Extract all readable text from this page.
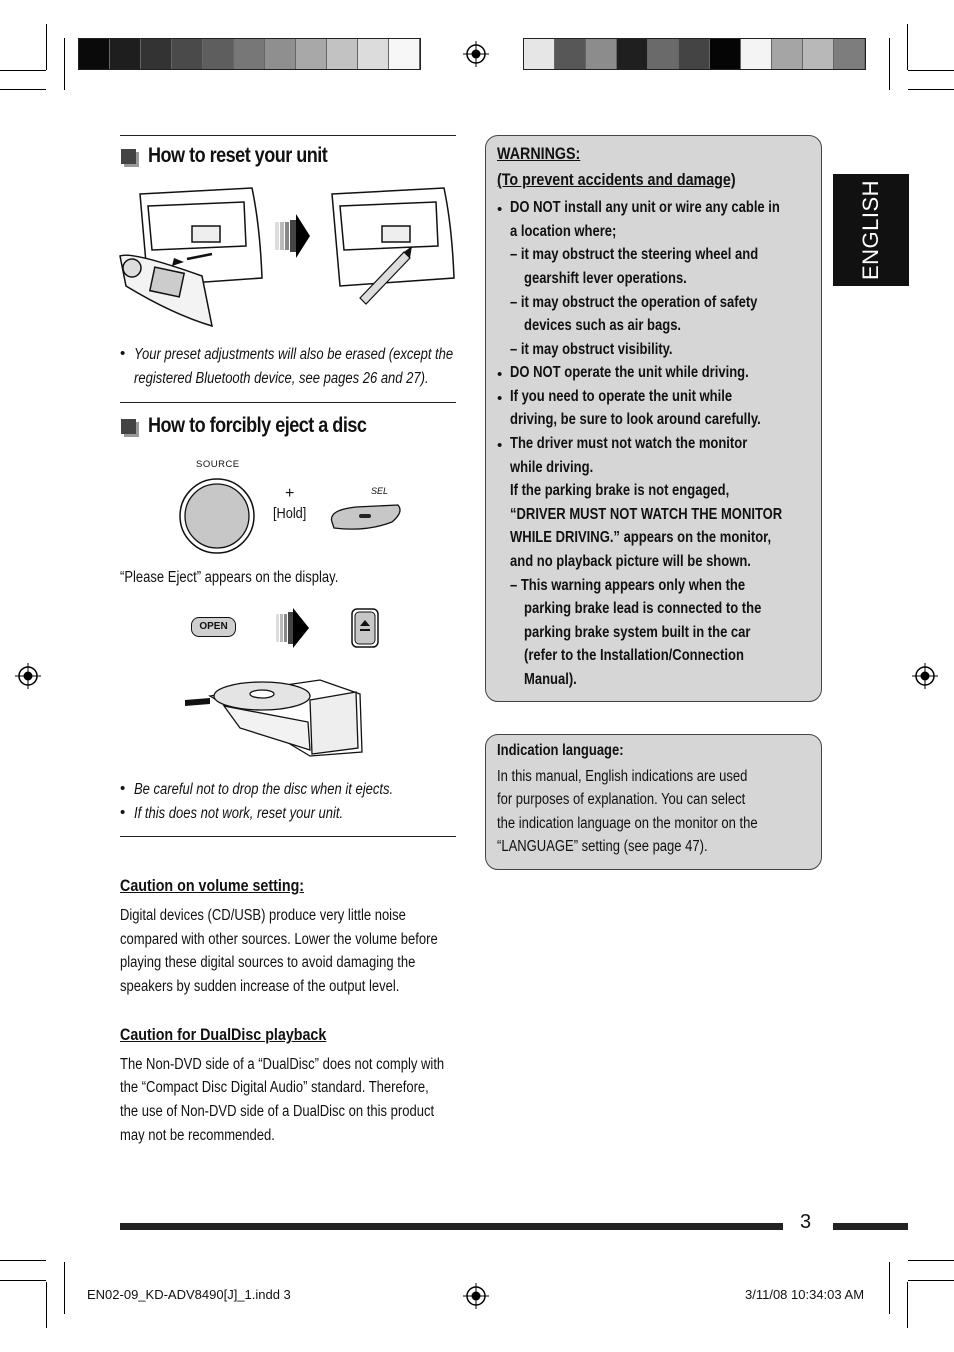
ENGLISH
How to reset your unit
• Your preset adjustments will also be erased (except the registered Bluetooth device, see pages 26 and 27).
How to forcibly eject a disc
SOURCE
+
[Hold]
SEL
“Please Eject” appears on the display.
OPEN
• Be careful not to drop the disc when it ejects.
• If this does not work, reset your unit.
Caution on volume setting:
Digital devices (CD/USB) produce very little noise
compared with other sources. Lower the volume before
playing these digital sources to avoid damaging the
speakers by sudden increase of the output level.
Caution for DualDisc playback
The Non-DVD side of a “DualDisc” does not comply with
the “Compact Disc Digital Audio” standard. Therefore,
the use of Non-DVD side of a DualDisc on this product
may not be recommended.
WARNINGS:
(To prevent accidents and damage)
• DO NOT install any unit or wire any cable in
a location where;
– it may obstruct the steering wheel and
gearshift lever operations.
– it may obstruct the operation of safety
devices such as air bags.
– it may obstruct visibility.
• DO NOT operate the unit while driving.
• If you need to operate the unit while
driving, be sure to look around carefully.
• The driver must not watch the monitor
while driving.
If the parking brake is not engaged,
“DRIVER MUST NOT WATCH THE MONITOR
WHILE DRIVING.” appears on the monitor,
and no playback picture will be shown.
– This warning appears only when the
parking brake lead is connected to the
parking brake system built in the car
(refer to the Installation/Connection
Manual).
Indication language:
In this manual, English indications are used
for purposes of explanation. You can select
the indication language on the monitor on the
“LANGUAGE” setting (see page 47).
3
EN02-09_KD-ADV8490[J]_1.indd 3	3/11/08 10:34:03 AM
